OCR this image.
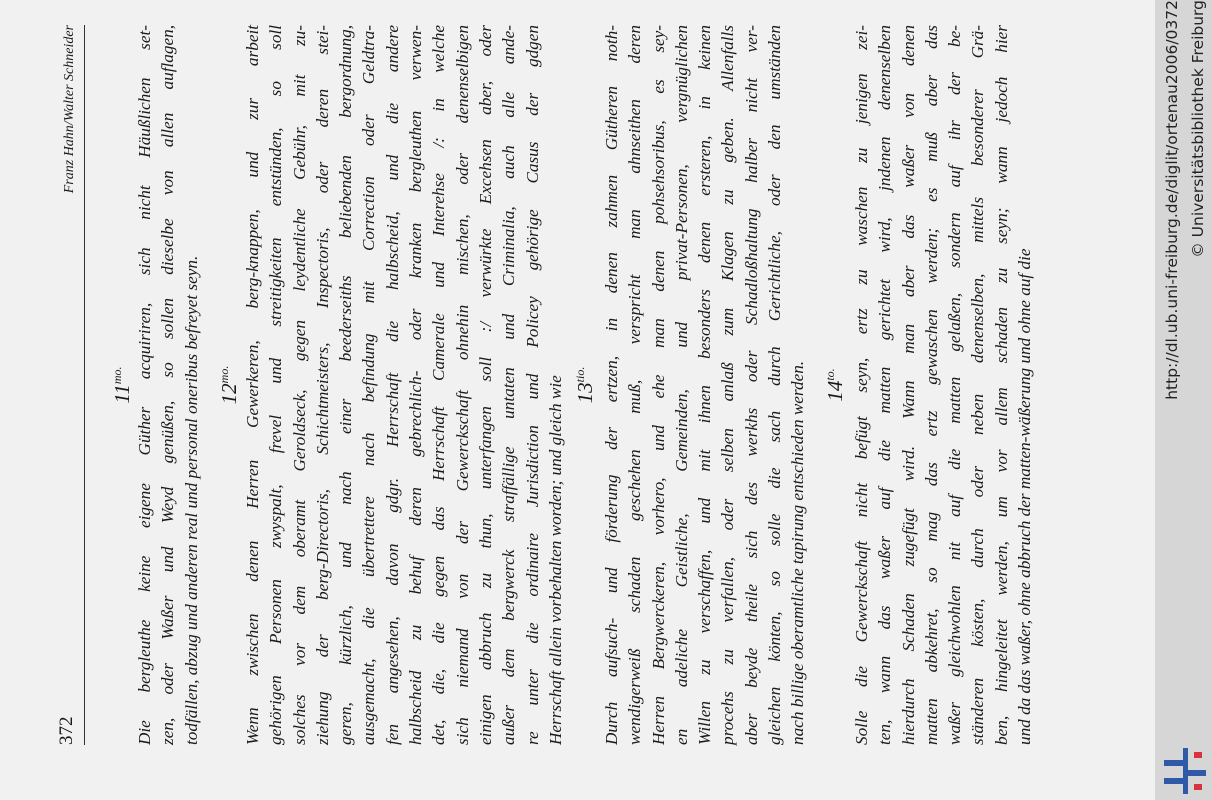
372
Franz Hahn/Walter Schneider
$11^{mo.}$ Die bergleuthe keine eigene Güther acquiriren, sich nicht Häußlichen set- zen, oder Waßer und Weyd genüßen, so sollen dieselbe von allen auflagen, todfällen, abzug und anderen real und personal oneribus befreyet seyn. $12^{mo.}$ Wenn zwischen denen Herren Gewerkeren, berg-knappen, und zur arbeit gehörigen Personen zwyspalt, frevel und streitigkeiten entstünden, so soll solches vor dem oberamt Geroldseck, gegen leydentliche Gebühr, mit zu- ziehung der berg-Directoris, Schichtmeisters, Inspectoris, oder deren stei- geren, kürzlich, und nach einer beederseiths beliebenden bergordnung, ausgemacht, die übertrettere nach befindung mit Correction oder Geldtra- fen angesehen, davon gdgr. Herrschaft die halbscheid, und die andere halbscheid zu behuf deren gebrechlich- oder kranken bergleuthen verwen- det, die, die gegen das Herrschaft Camerale und Interehse /: in welche sich niemand von der Gewerckschaft ohnehin mischen, oder denenselbigen einigen abbruch zu thun, unterfangen soll :/ verwürkte Excehsen aber, oder außer dem bergwerck straffällige untaten und Criminalia, auch alle ande- re unter die ordinaire Jurisdiction und Policey gehörige Casus der gdgen Herrschaft allein vorbehalten worden; und gleich wie $13^{tio.}$ Durch aufsuch- und förderung der ertzen, in denen zahmen Gütheren noth- wendigerweiß schaden geschehen muß, verspricht man ahnseithen deren Herren Bergwerckeren, vorhero, und ehe man denen pohsehsoribus, es sey- en adeliche Geistliche, Gemeinden, und privat-Personen, vergnüglichen Willen zu verschaffen, und mit ihnen besonders denen ersteren, in keinen procehs zu verfallen, oder selben anlaß zum Klagen zu geben. Allenfalls aber beyde theile sich des werkhs oder Schadloßhaltung halber nicht ver- gleichen könten, so solle die sach durch Gerichtliche, oder den umständen nach billige oberamtliche tapirung entschieden werden. $14^{to.}$ Solle die Gewerckschaft nicht befügt seyn, ertz zu waschen zu jenigen zei- ten, wann das waßer auf die matten gerichtet wird, jndenen denenselben hierdurch Schaden zugefügt wird. Wann man aber das waßer von denen matten abkehret, so mag das ertz gewaschen werden; es muß aber das waßer gleichwohlen nit auf die matten gelaßen, sondern auf ihr der be- ständeren kösten, durch oder neben denenselben, mittels besonderer Grä- ben, hingeleitet werden, um vor allem schaden zu seyn; wann jedoch hier und da das waßer, ohne abbruch der matten-wäßerung und ohne auf die
http://dl.ub.uni-freiburg.de/diglit/ortenau2006/0372 © Universitätsbibliothek Freiburg
